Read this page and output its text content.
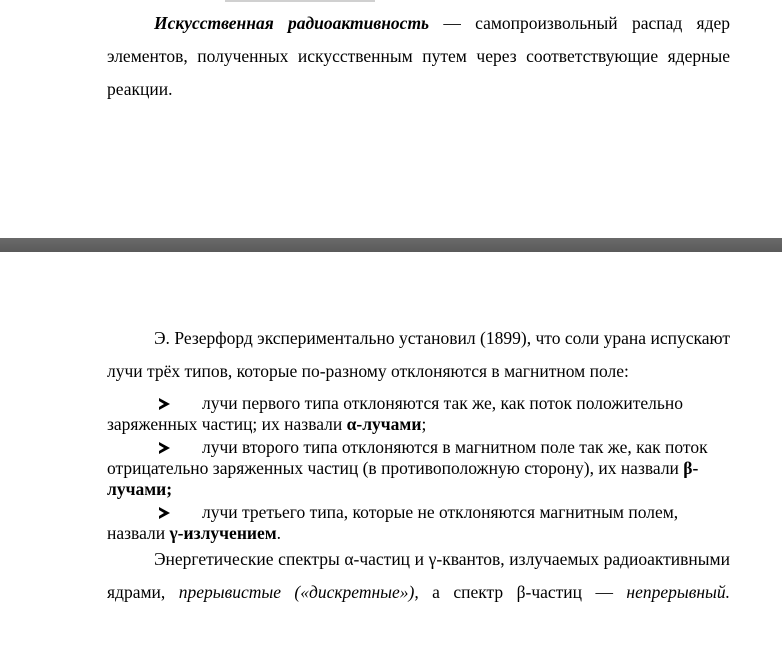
Искусственная радиоактивность — самопроизвольный распад ядер элементов, полученных искусственным путем через соответствующие ядерные реакции.

Э. Резерфорд экспериментально установил (1899), что соли урана испускают лучи трёх типов, которые по-разному отклоняются в магнитном поле:

лучи первого типа отклоняются так же, как поток положительно заряженных частиц; их назвали α-лучами;
лучи второго типа отклоняются в магнитном поле так же, как поток отрицательно заряженных частиц (в противоположную сторону), их назвали β-лучами;
лучи третьего типа, которые не отклоняются магнитным полем, назвали γ-излучением.

Энергетические спектры α-частиц и γ-квантов, излучаемых радиоактивными ядрами, прерывистые («дискретные»), а спектр β-частиц — непрерывный.
